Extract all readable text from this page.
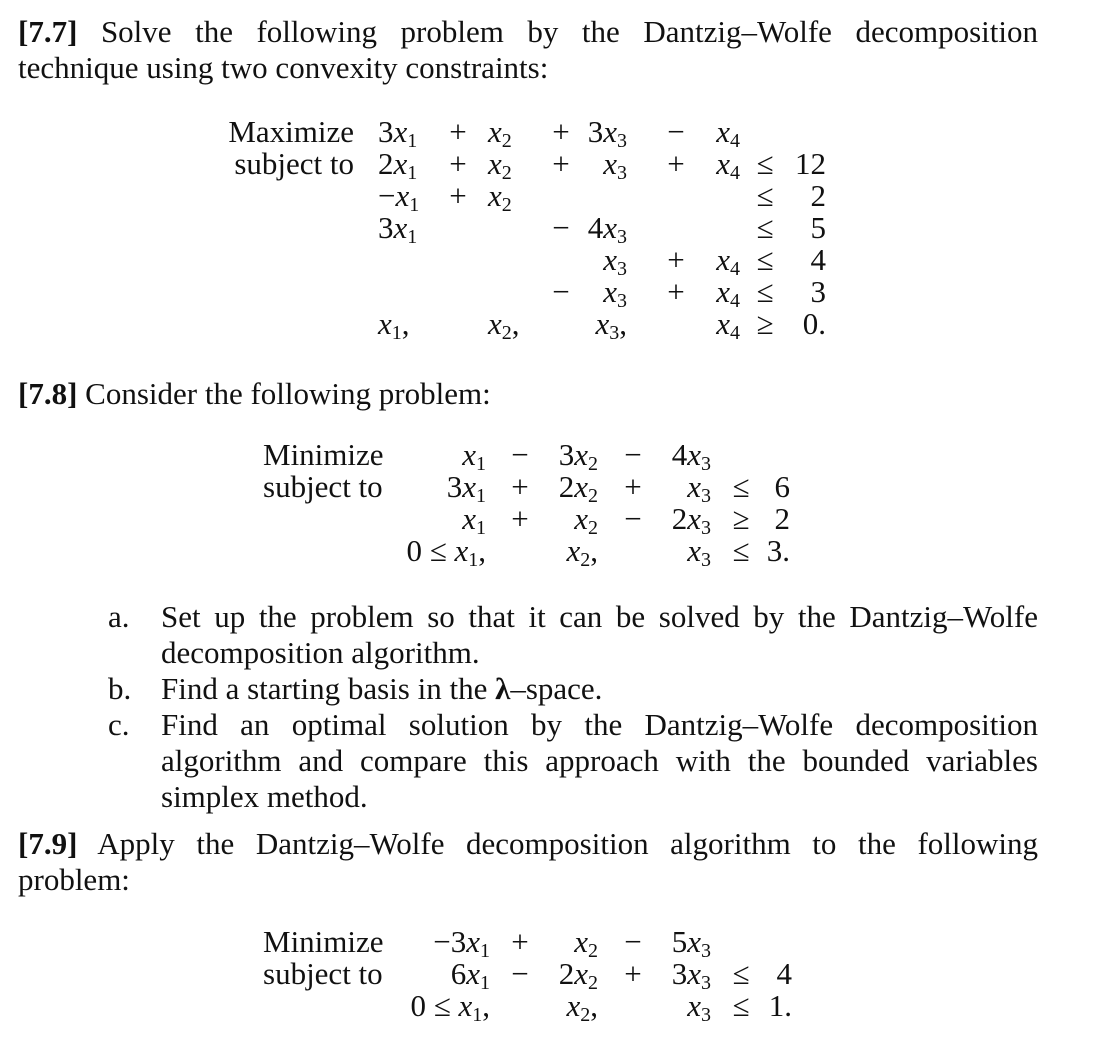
[7.7] Solve the following problem by the Dantzig–Wolfe decomposition
technique using two convexity constraints:
Maximize $3x_1 + x_2 + 3x_3 - x_4$
subject to $2x_1 + x_2 + x_3 + x_4 \le 12$
$-x_1 + x_2$	≤ 2
$3x_1$	− $4x_3$	≤ 5
$x_3 + x_4 \le 4$
− $x_3 + x_4 \le 3$
$x_1$,	$x_2$, $x_3$,	$x_4 \ge 0$.
[7.8] Consider the following problem:
Minimize	$x_1 - 3x_2 - 4x_3$
subject to $3x_1 + 2x_2 + x_3 \le 6$
$x_1 + x_2 - 2x_3 \ge 2$
$0 \le x_1$,	$x_2$,	$x_3 \le 3$.
a. Set up the problem so that it can be solved by the Dantzig–Wolfe
decomposition algorithm.
b. Find a starting basis in the λ–space.
c. Find an optimal solution by the Dantzig–Wolfe decomposition
algorithm and compare this approach with the bounded variables
simplex method.
[7.9] Apply the Dantzig–Wolfe decomposition algorithm to the following
problem:
Minimize $-3x_1 + x_2 - 5x_3$
subject to $6x_1 - 2x_2 + 3x_3 \le 4$
$0 \le x_1$, $x_2$,	$x_3 \le 1$.
